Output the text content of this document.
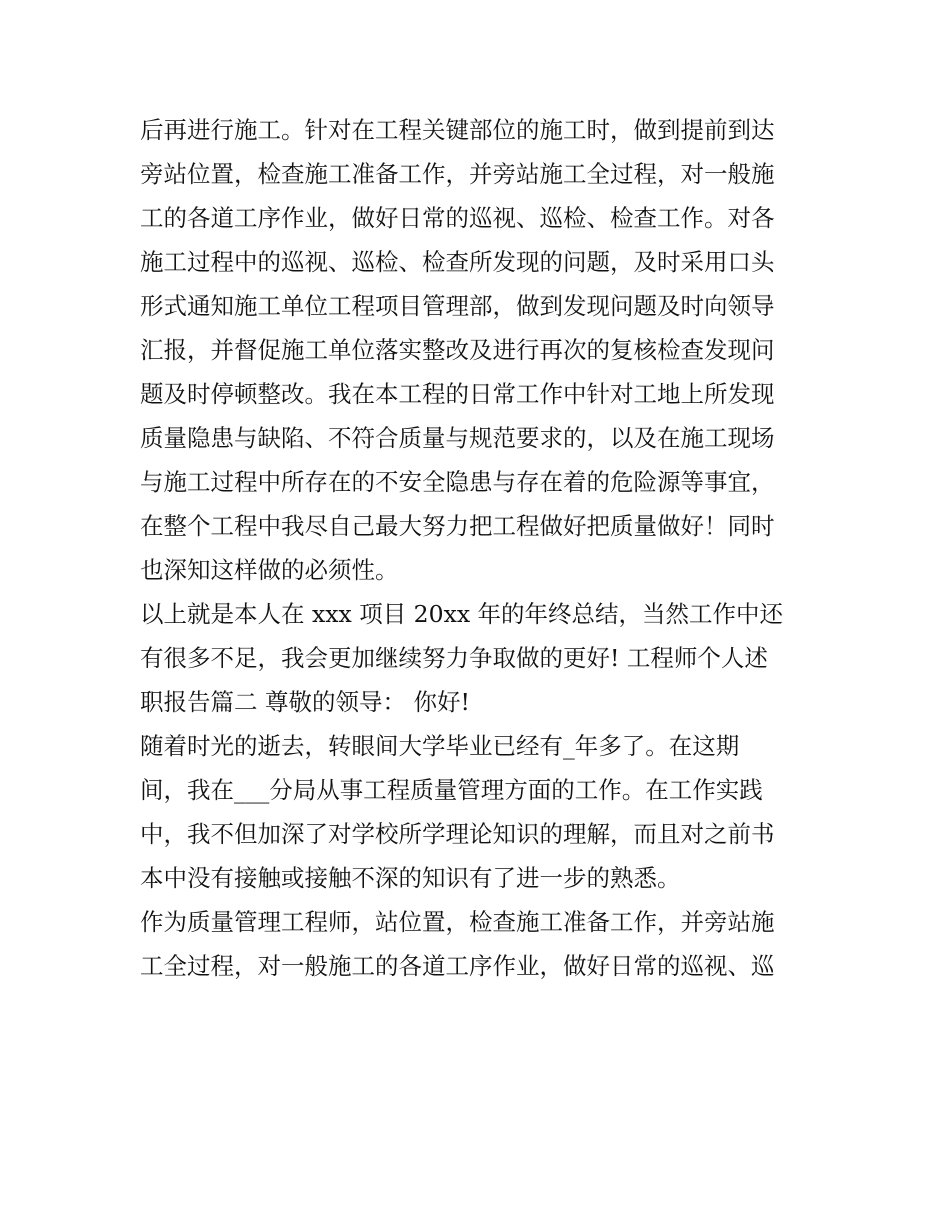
后再进行施工。针对在工程关键部位的施工时，做到提前到达
旁站位置，检查施工准备工作，并旁站施工全过程，对一般施
工的各道工序作业，做好日常的巡视、巡检、检查工作。对各
施工过程中的巡视、巡检、检查所发现的问题，及时采用口头
形式通知施工单位工程项目管理部，做到发现问题及时向领导
汇报，并督促施工单位落实整改及进行再次的复核检查发现问
题及时停顿整改。我在本工程的日常工作中针对工地上所发现
质量隐患与缺陷、不符合质量与规范要求的，以及在施工现场
与施工过程中所存在的不安全隐患与存在着的危险源等事宜，
在整个工程中我尽自己最大努力把工程做好把质量做好！同时
也深知这样做的必须性。

以上就是本人在 xxx 项目 20xx 年的年终总结，当然工作中还
有很多不足，我会更加继续努力争取做的更好! 工程师个人述
职报告篇二 尊敬的领导： 你好!

随着时光的逝去，转眼间大学毕业已经有_年多了。在这期
间，我在___分局从事工程质量管理方面的工作。在工作实践
中，我不但加深了对学校所学理论知识的理解，而且对之前书
本中没有接触或接触不深的知识有了进一步的熟悉。

作为质量管理工程师，站位置，检查施工准备工作，并旁站施
工全过程，对一般施工的各道工序作业，做好日常的巡视、巡
